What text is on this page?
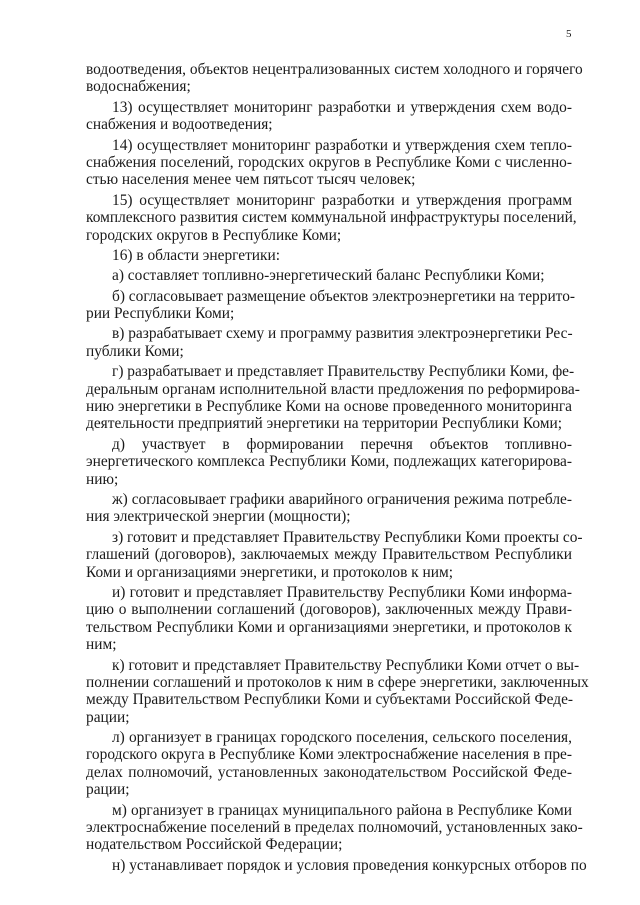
5
водоотведения, объектов нецентрализованных систем холодного и горячего
водоснабжения;
13) осуществляет мониторинг разработки и утверждения схем водо-
снабжения и водоотведения;
14) осуществляет мониторинг разработки и утверждения схем тепло-
снабжения поселений, городских округов в Республике Коми с численно-
стью населения менее чем пятьсот тысяч человек;
15) осуществляет мониторинг разработки и утверждения программ
комплексного развития систем коммунальной инфраструктуры поселений,
городских округов в Республике Коми;
16) в области энергетики:
а) составляет топливно-энергетический баланс Республики Коми;
б) согласовывает размещение объектов электроэнергетики на террито-
рии Республики Коми;
в) разрабатывает схему и программу развития электроэнергетики Рес-
публики Коми;
г) разрабатывает и представляет Правительству Республики Коми, фе-
деральным органам исполнительной власти предложения по реформирова-
нию энергетики в Республике Коми на основе проведенного мониторинга
деятельности предприятий энергетики на территории Республики Коми;
д) участвует в формировании перечня объектов топливно-
энергетического комплекса Республики Коми, подлежащих категорирова-
нию;
ж) согласовывает графики аварийного ограничения режима потребле-
ния электрической энергии (мощности);
з) готовит и представляет Правительству Республики Коми проекты со-
глашений (договоров), заключаемых между Правительством Республики
Коми и организациями энергетики, и протоколов к ним;
и) готовит и представляет Правительству Республики Коми информа-
цию о выполнении соглашений (договоров), заключенных между Прави-
тельством Республики Коми и организациями энергетики, и протоколов к
ним;
к) готовит и представляет Правительству Республики Коми отчет о вы-
полнении соглашений и протоколов к ним в сфере энергетики, заключенных
между Правительством Республики Коми и субъектами Российской Феде-
рации;
л) организует в границах городского поселения, сельского поселения,
городского округа в Республике Коми электроснабжение населения в пре-
делах полномочий, установленных законодательством Российской Феде-
рации;
м) организует в границах муниципального района в Республике Коми
электроснабжение поселений в пределах полномочий, установленных зако-
нодательством Российской Федерации;
н) устанавливает порядок и условия проведения конкурсных отборов по
